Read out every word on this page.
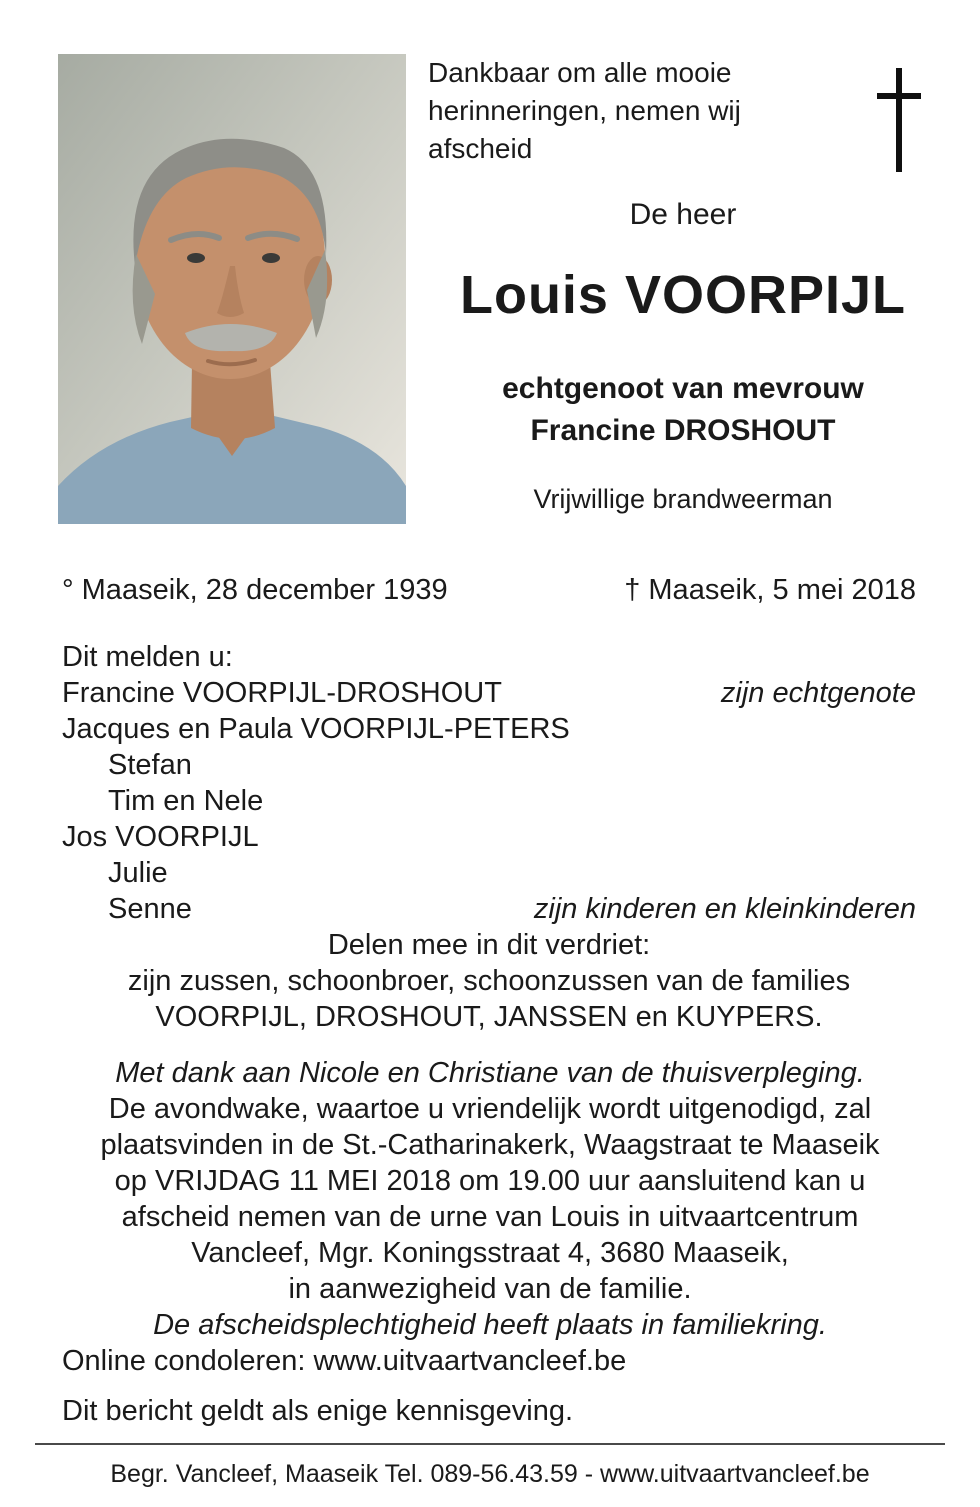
Dankbaar om alle mooie
herinneringen, nemen wij
afscheid
De heer
Louis VOORPIJL
echtgenoot van mevrouw
Francine DROSHOUT
Vrijwillige brandweerman
° Maaseik, 28 december 1939	† Maaseik, 5 mei 2018
Dit melden u:
Francine VOORPIJL-DROSHOUT	zijn echtgenote
Jacques en Paula VOORPIJL-PETERS
Stefan
Tim en Nele
Jos VOORPIJL
Julie
Senne	zijn kinderen en kleinkinderen
Delen mee in dit verdriet:
zijn zussen, schoonbroer, schoonzussen van de families
VOORPIJL, DROSHOUT, JANSSEN en KUYPERS.
Met dank aan Nicole en Christiane van de thuisverpleging.
De avondwake, waartoe u vriendelijk wordt uitgenodigd, zal
plaatsvinden in de St.-Catharinakerk, Waagstraat te Maaseik
op VRIJDAG 11 MEI 2018 om 19.00 uur aansluitend kan u
afscheid nemen van de urne van Louis in uitvaartcentrum
Vancleef, Mgr. Koningsstraat 4, 3680 Maaseik,
in aanwezigheid van de familie.
De afscheidsplechtigheid heeft plaats in familiekring.
Online condoleren: www.uitvaartvancleef.be
Dit bericht geldt als enige kennisgeving.
Begr. Vancleef, Maaseik Tel. 089-56.43.59 - www.uitvaartvancleef.be
